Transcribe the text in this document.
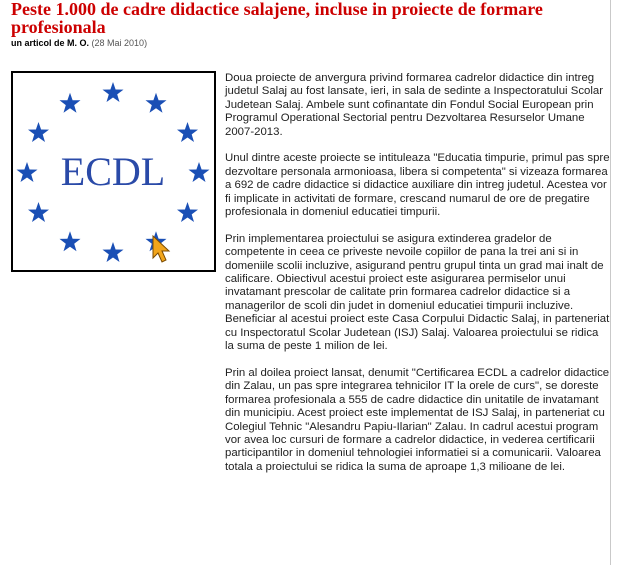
Peste 1.000 de cadre didactice salajene, incluse in proiecte de formare profesionala
un articol de M. O. (28 Mai 2010)
ECDL

Doua proiecte de anvergura privind formarea cadrelor didactice din intreg judetul Salaj au fost lansate, ieri, in sala de sedinte a Inspectoratului Scolar Judetean Salaj. Ambele sunt cofinantate din Fondul Social European prin Programul Operational Sectorial pentru Dezvoltarea Resurselor Umane 2007-2013.

Unul dintre aceste proiecte se intituleaza "Educatia timpurie, primul pas spre dezvoltare personala armonioasa, libera si competenta" si vizeaza formarea a 692 de cadre didactice si didactice auxiliare din intreg judetul. Acestea vor fi implicate in activitati de formare, crescand numarul de ore de pregatire profesionala in domeniul educatiei timpurii.

Prin implementarea proiectului se asigura extinderea gradelor de competente in ceea ce priveste nevoile copiilor de pana la trei ani si in domeniile scolii incluzive, asigurand pentru grupul tinta un grad mai inalt de calificare. Obiectivul acestui proiect este asigurarea permiselor unui invatamant prescolar de calitate prin formarea cadrelor didactice si a managerilor de scoli din judet in domeniul educatiei timpurii incluzive. Beneficiar al acestui proiect este Casa Corpului Didactic Salaj, in parteneriat cu Inspectoratul Scolar Judetean (ISJ) Salaj. Valoarea proiectului se ridica la suma de peste 1 milion de lei.

Prin al doilea proiect lansat, denumit "Certificarea ECDL a cadrelor didactice din Zalau, un pas spre integrarea tehnicilor IT la orele de curs", se doreste formarea profesionala a 555 de cadre didactice din unitatile de invatamant din municipiu. Acest proiect este implementat de ISJ Salaj, in parteneriat cu Colegiul Tehnic "Alesandru Papiu-Ilarian" Zalau. In cadrul acestui program vor avea loc cursuri de formare a cadrelor didactice, in vederea certificarii participantilor in domeniul tehnologiei informatiei si a comunicarii. Valoarea totala a proiectului se ridica la suma de aproape 1,3 milioane de lei.
